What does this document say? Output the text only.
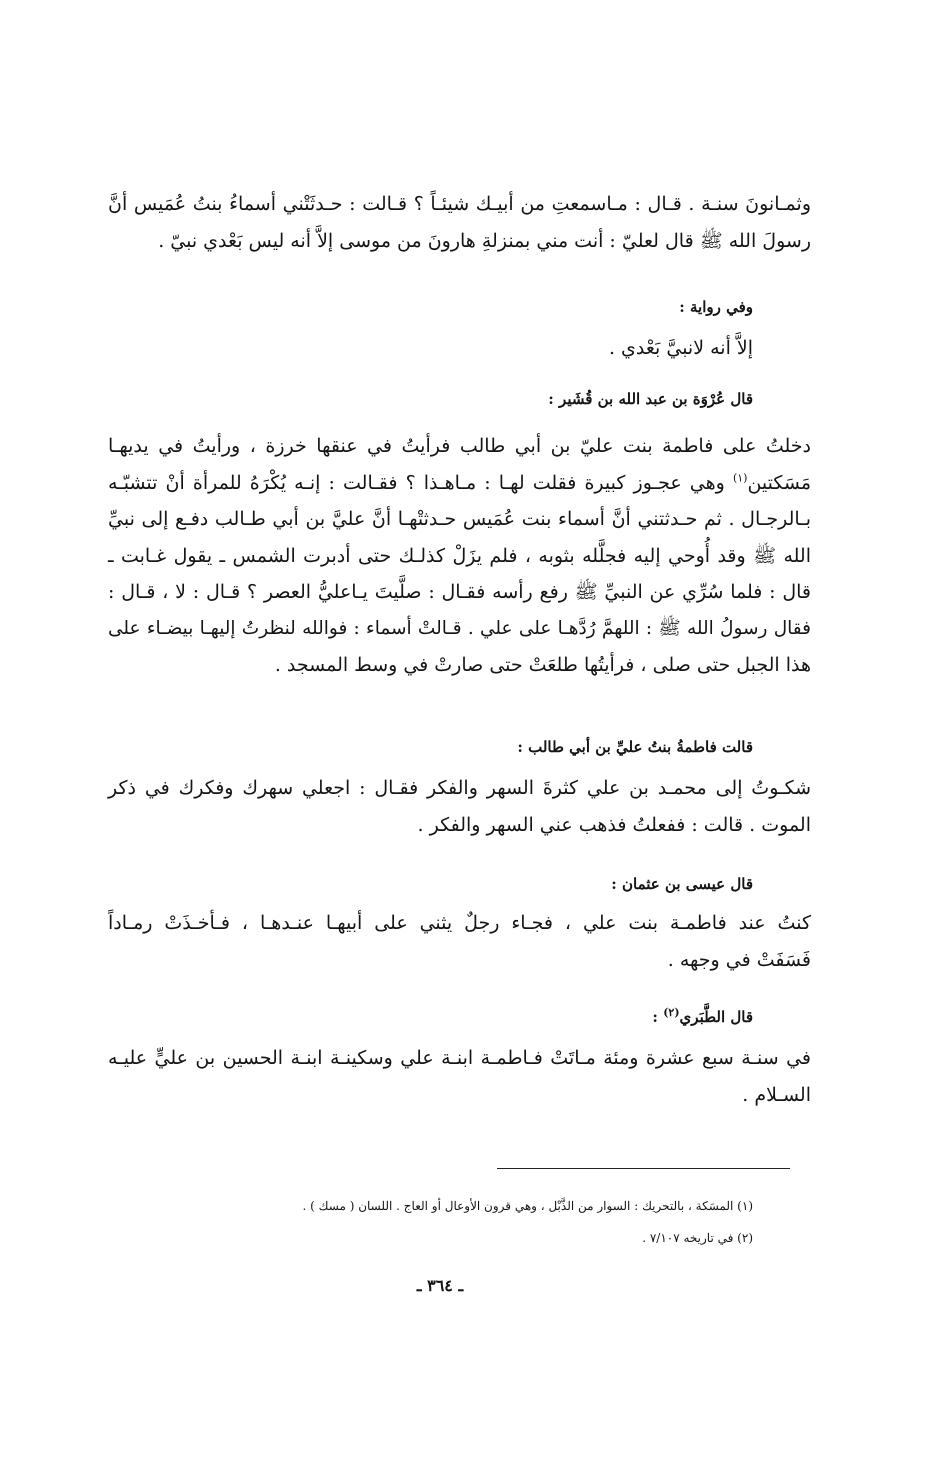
وثمـانونَ سنـة . قـال : مـاسمعتِ من أبيـك شيئـاً ؟ قـالت : حـدثَتْني أسماءُ بنتُ عُمَيس أنَّ
رسولَ الله ﷺ قال لعليّ : أنت مني بمنزلةِ هارونَ من موسى إلاَّ أنه ليس بَعْدي نبيّ .
وفي رواية :
إلاَّ أنه لانبيَّ بَعْدي .
قال عُرْوَة بن عبد الله بن قُشَير :
دخلتُ على فاطمة بنت عليّ بن أبي طالب فرأيتُ في عنقها خرزة ، ورأيتُ في يديهـا
مَسَكتين$^{(١)}$ وهي عجـوز كبيرة فقلت لهـا : مـاهـذا ؟ فقـالت : إنـه يُكْرَهُ للمرأة أنْ تتشبّـه
بـالرجـال . ثم حـدثتني أنَّ أسماء بنت عُمَيس حـدثتْهـا أنَّ عليَّ بن أبي طـالب دفـع إلى نبيِّ
الله ﷺ وقد أُوحي إليه فجلَّله بثوبه ، فلم يزَلْ كذلـك حتى أدبرت الشمس ـ يقول غـابت ـ
قال : فلما سُرِّي عن النبيِّ ﷺ رفع رأسه فقـال : صلَّيتَ يـاعليُّ العصر ؟ قـال : لا ، قـال :
فقال رسولُ الله ﷺ : اللهمَّ رُدَّهـا على علي . قـالتْ أسماء : فوالله لنظرتُ إليهـا بيضـاء على
هذا الجبل حتى صلى ، فرأيتُها طلعَتْ حتى صارتْ في وسط المسجد .
قالت فاطمةُ بنتُ عليِّ بن أبي طالب :
شكـوتُ إلى محمـد بن علي كثرةَ السهر والفكر فقـال : اجعلي سهرك وفكرك في ذكر
الموت . قالت : ففعلتُ فذهب عني السهر والفكر .
قال عيسى بن عثمان :
كنتُ عند فاطمـة بنت علي ، فجـاء رجلٌ يثني على أبيهـا عنـدهـا ، فـأخـذَتْ رمـاداً
فَسَفَتْ في وجهه .
قال الطَّبَري$^{(٢)}$ :
في سنـة سبع عشرة ومئة مـاتَتْ فـاطمـة ابنـة علي وسكينـة ابنـة الحسين بن عليٍّ عليـه
السـلام .
(١) المسَكة ، بالتحريك : السوار من الذَّبْل ، وهي قرون الأوعال أو العاج . اللسان ( مسك ) .
(٢) في تاريخه ٧/١٠٧ .
ـ ٣٦٤ ـ
